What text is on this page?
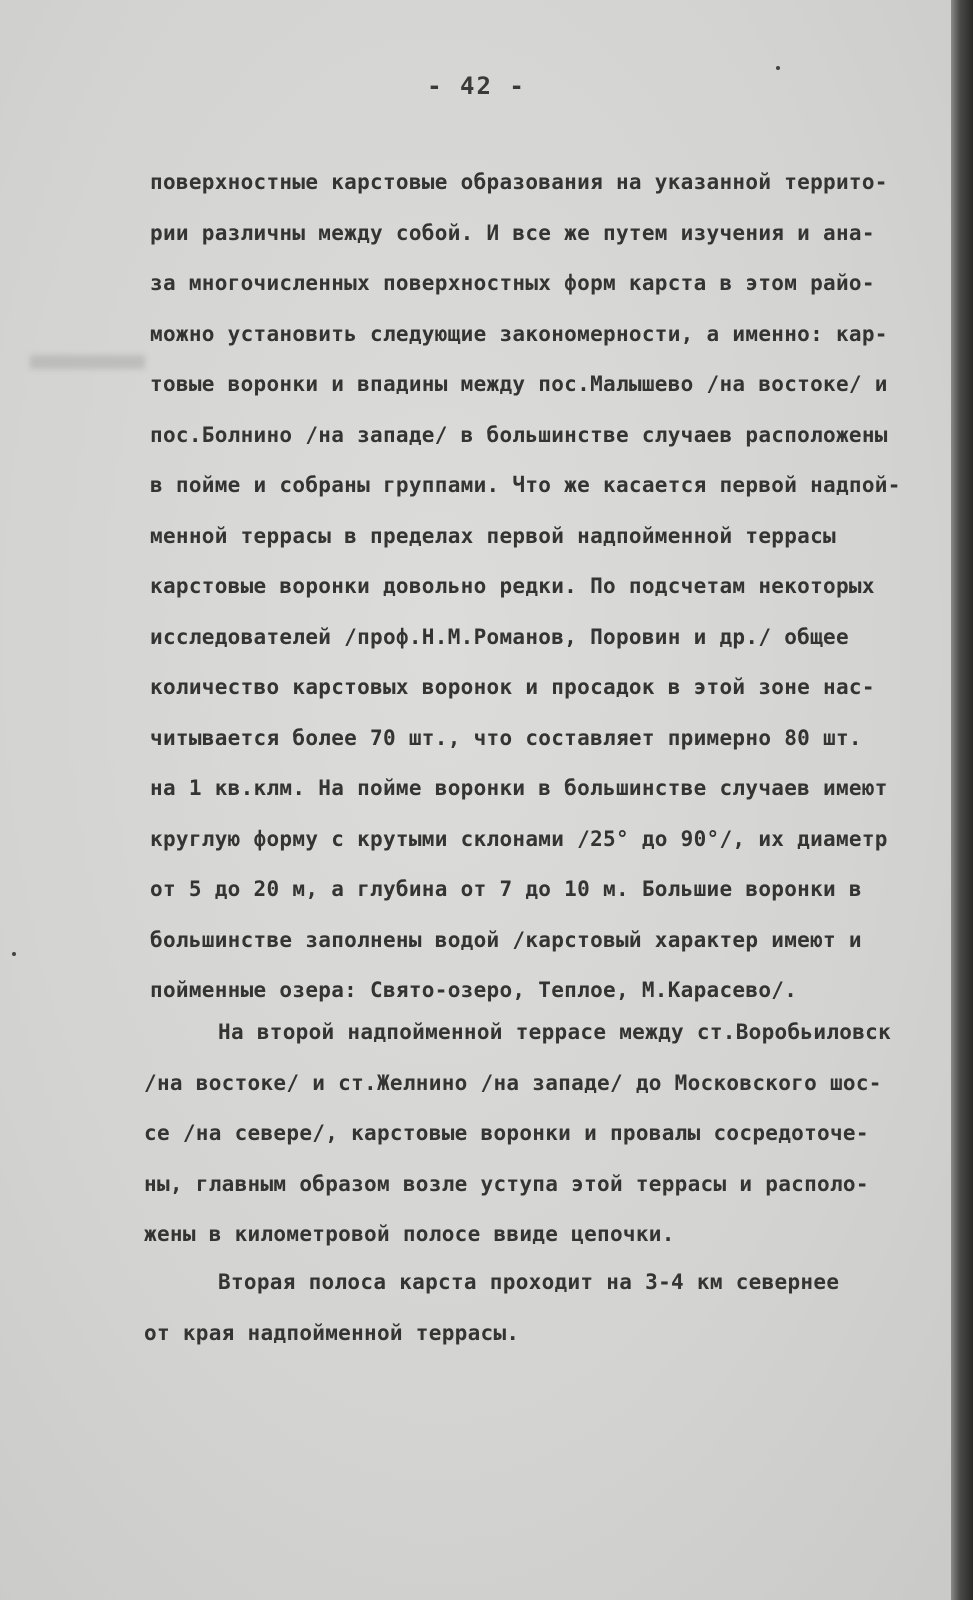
- 42 -
поверхностные карстовые образования на указанной террито-
рии различны между собой. И все же путем изучения и ана-
за многочисленных поверхностных форм карста в этом райо-
можно установить следующие закономерности, а именно: кар-
товые воронки и впадины между пос.Малышево /на востоке/ и
пос.Болнино /на западе/ в большинстве случаев расположены
в пойме и собраны группами. Что же касается первой надпой-
менной террасы в пределах первой надпойменной террасы
карстовые воронки довольно редки. По подсчетам некоторых
исследователей /проф.Н.М.Романов, Поровин и др./ общее
количество карстовых воронок и просадок в этой зоне нас-
читывается более 70 шт., что составляет примерно 80 шт.
на 1 кв.клм. На пойме воронки в большинстве случаев имеют
круглую форму с крутыми склонами /25° до 90°/, их диаметр
от 5 до 20 м, а глубина от 7 до 10 м. Большие воронки в
большинстве заполнены водой /карстовый характер имеют и
пойменные озера: Свято-озеро, Теплое, М.Карасево/.
На второй надпойменной террасе между ст.Воробьиловск
/на востоке/ и ст.Желнино /на западе/ до Московского шос-
се /на севере/, карстовые воронки и провалы сосредоточе-
ны, главным образом возле уступа этой террасы и располо-
жены в километровой полосе ввиде цепочки.
Вторая полоса карста проходит на 3-4 км севернее
от края надпойменной террасы.
